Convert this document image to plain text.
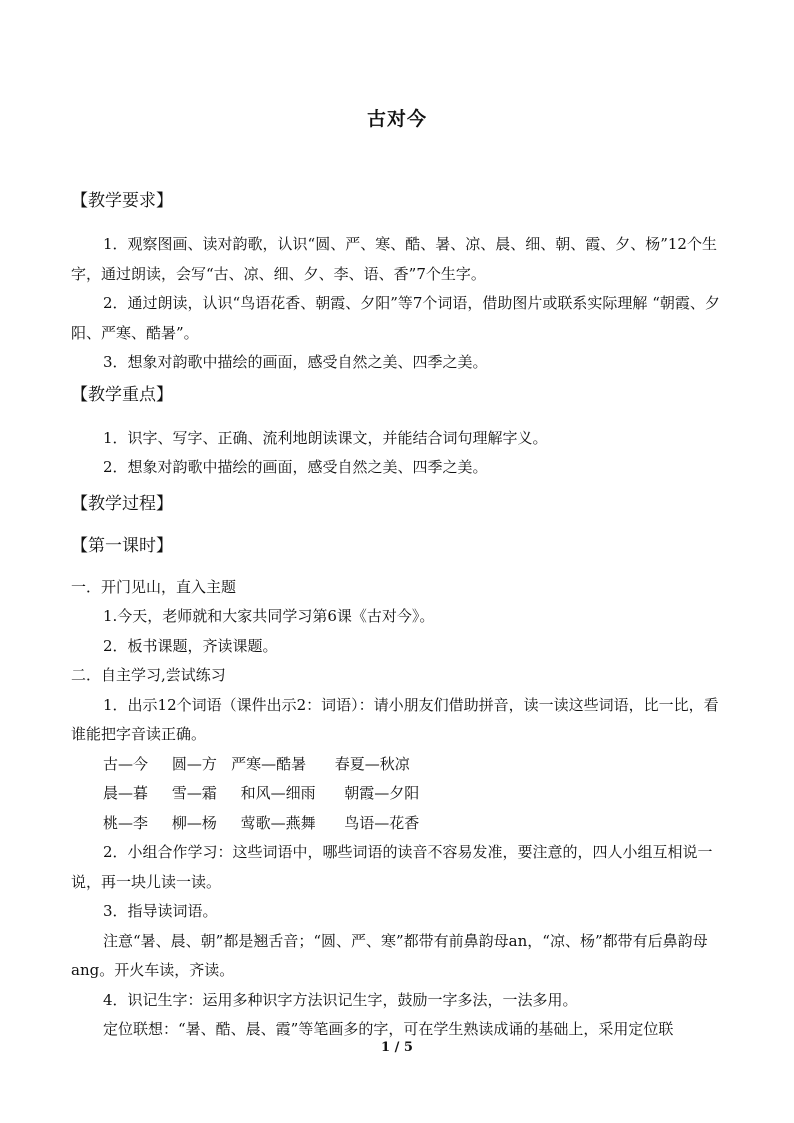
古对今
【教学要求】

1．观察图画、读对韵歌，认识“圆、严、寒、酷、暑、凉、晨、细、朝、霞、夕、杨”12个生字，通过朗读，会写“古、凉、细、夕、李、语、香”7个生字。

2．通过朗读，认识“鸟语花香、朝霞、夕阳”等7个词语，借助图片或联系实际理解 “朝霞、夕阳、严寒、酷暑”。

3．想象对韵歌中描绘的画面，感受自然之美、四季之美。

【教学重点】

1．识字、写字、正确、流利地朗读课文，并能结合词句理解字义。

2．想象对韵歌中描绘的画面，感受自然之美、四季之美。

【教学过程】
【第一课时】

一．开门见山，直入主题

1.今天，老师就和大家共同学习第6课《古对今》。

2．板书课题，齐读课题。

二．自主学习,尝试练习

1．出示12个词语（课件出示2：词语）：请小朋友们借助拼音，读一读这些词语，比一比，看谁能把字音读正确。

古—今     圆—方   严寒—酷暑      春夏—秋凉

晨—暮     雪—霜     和风—细雨      朝霞—夕阳

桃—李     柳—杨     莺歌—燕舞      鸟语—花香

2．小组合作学习：这些词语中，哪些词语的读音不容易发准，要注意的，四人小组互相说一说，再一块儿读一读。

3．指导读词语。

注意“暑、晨、朝”都是翘舌音；“圆、严、寒”都带有前鼻韵母an，“凉、杨”都带有后鼻韵母ang。开火车读，齐读。

4．识记生字：运用多种识字方法识记生字，鼓励一字多法，一法多用。

定位联想：“暑、酷、晨、霞”等笔画多的字，可在学生熟读成诵的基础上，采用定位联

1 / 5
